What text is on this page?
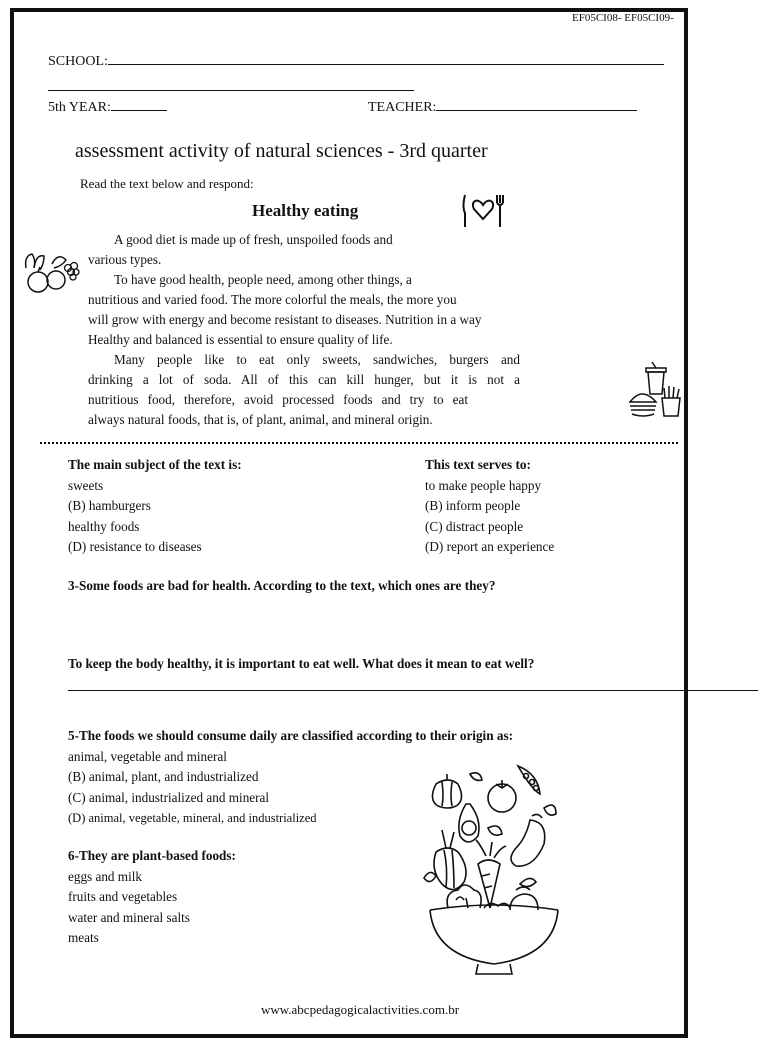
EF05CI08- EF05CI09-
SCHOOL:
5th YEAR:	TEACHER:
assessment activity of natural sciences - 3rd quarter
Read the text below and respond:
Healthy eating
A good diet is made up of fresh, unspoiled foods and
various types.
To have good health, people need, among other things, a
nutritious and varied food. The more colorful the meals, the more you
will grow with energy and become resistant to diseases. Nutrition in a way
Healthy and balanced is essential to ensure quality of life.
Many people like to eat only sweets, sandwiches, burgers and
drinking a lot of soda. All of this can kill hunger, but it is not a
nutritious food, therefore, avoid processed foods and try to eat
always natural foods, that is, of plant, animal, and mineral origin.
The main subject of the text is:
sweets
(B) hamburgers
healthy foods
(D) resistance to diseases
This text serves to:
to make people happy
(B) inform people
(C) distract people
(D) report an experience
3-Some foods are bad for health. According to the text, which ones are they?
To keep the body healthy, it is important to eat well. What does it mean to eat well?
5-The foods we should consume daily are classified according to their origin as:
animal, vegetable and mineral
(B) animal, plant, and industrialized
(C) animal, industrialized and mineral
(D) animal, vegetable, mineral, and industrialized
6-They are plant-based foods:
eggs and milk
fruits and vegetables
water and mineral salts
meats
www.abcpedagogicalactivities.com.br
